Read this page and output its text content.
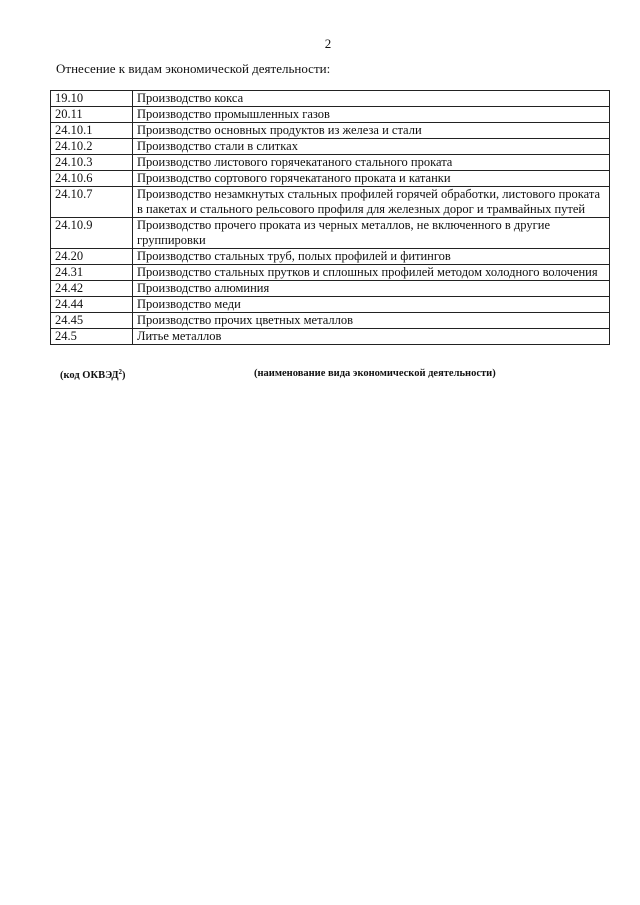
2
Отнесение к видам экономической деятельности:
19.10	Производство кокса
20.11	Производство промышленных газов
24.10.1	Производство основных продуктов из железа и стали
24.10.2	Производство стали в слитках
24.10.3	Производство листового горячекатаного стального проката
24.10.6	Производство сортового горячекатаного проката и катанки
24.10.7	Производство незамкнутых стальных профилей горячей обработки, листового проката в пакетах и стального рельсового профиля для железных дорог и трамвайных путей
24.10.9	Производство прочего проката из черных металлов, не включенного в другие группировки
24.20	Производство стальных труб, полых профилей и фитингов
24.31	Производство стальных прутков и сплошных профилей методом холодного волочения
24.42	Производство алюминия
24.44	Производство меди
24.45	Производство прочих цветных металлов
24.5	Литье металлов
(код ОКВЭД$^2$)	(наименование вида экономической деятельности)
